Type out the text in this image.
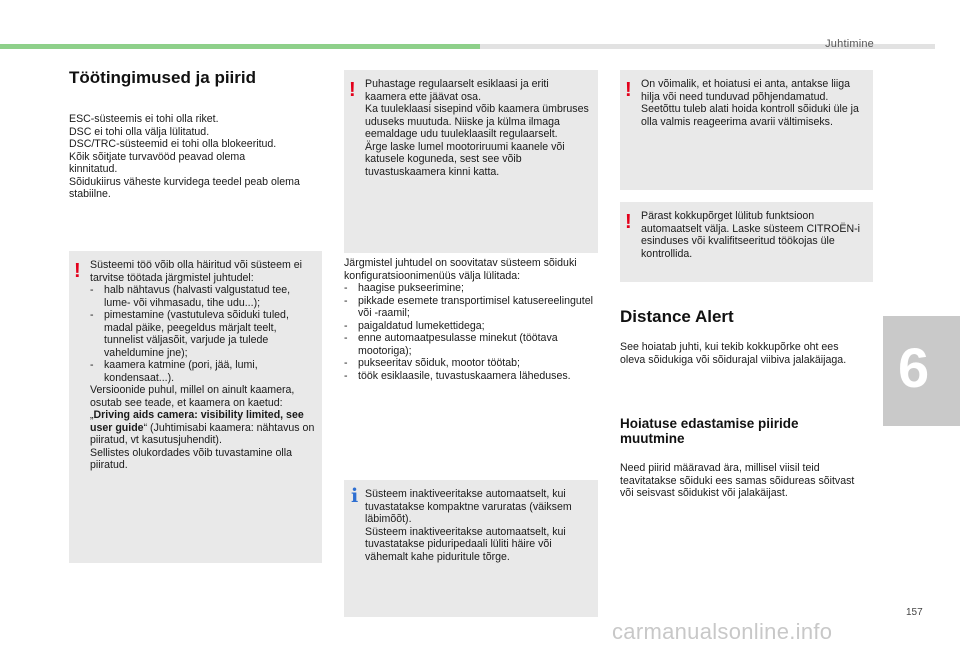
Juhtimine
6
Töötingimused ja piirid

ESC-süsteemis ei tohi olla riket.

DSC ei tohi olla välja lülitatud.

DSC/TRC-süsteemid ei tohi olla blokeeritud.

Kõik sõitjate turvavööd peavad olema kinnitatud.

Sõidukiirus väheste kurvidega teedel peab olema stabiilne.

! Süsteemi töö võib olla häiritud või süsteem ei tarvitse töötada järgmistel juhtudel:

- halb nähtavus (halvasti valgustatud tee, lume- või vihmasadu, tihe udu...);
- pimestamine (vastutuleva sõiduki tuled, madal päike, peegeldus märjalt teelt, tunnelist väljasõit, varjude ja tulede vaheldumine jne);
- kaamera katmine (pori, jää, lumi, kondensaat...).

Versioonide puhul, millel on ainult kaamera, osutab see teade, et kaamera on kaetud: „Driving aids camera: visibility limited, see user guide“ (Juhtimisabi kaamera: nähtavus on piiratud, vt kasutusjuhendit).

Sellistes olukordades võib tuvastamine olla piiratud.

! Puhastage regulaarselt esiklaasi ja eriti kaamera ette jäävat osa.

Ka tuuleklaasi sisepind võib kaamera ümbruses uduseks muutuda. Niiske ja külma ilmaga eemaldage udu tuuleklaasilt regulaarselt.

Ärge laske lumel mootoriruumi kaanele või katusele koguneda, sest see võib tuvastuskaamera kinni katta.

Järgmistel juhtudel on soovitatav süsteem sõiduki konfiguratsioonimenüüs välja lülitada:

- haagise pukseerimine;
- pikkade esemete transportimisel katusereelingutel või -raamil;
- paigaldatud lumekettidega;
- enne automaatpesulasse minekut (töötava mootoriga);
- pukseeritav sõiduk, mootor töötab;
- töök esiklaasile, tuvastuskaamera läheduses.
i Süsteem inaktiveeritakse automaatselt, kui tuvastatakse kompaktne varuratas (väiksem läbimõõt).

Süsteem inaktiveeritakse automaatselt, kui tuvastatakse piduripedaali lüliti häire või vähemalt kahe piduritule tõrge.

! On võimalik, et hoiatusi ei anta, antakse liiga hilja või need tunduvad põhjendamatud.

Seetõttu tuleb alati hoida kontroll sõiduki üle ja olla valmis reageerima avarii vältimiseks.

! Pärast kokkupõrget lülitub funktsioon automaatselt välja. Laske süsteem CITROËN-i esinduses või kvalifitseeritud töökojas üle kontrollida.

Distance Alert
See hoiatab juhti, kui tekib kokkupõrke oht ees oleva sõidukiga või sõidurajal viibiva jalakäijaga.
Hoiatuse edastamise piiride muutmine
Need piirid määravad ära, millisel viisil teid teavitatakse sõiduki ees samas sõidureas sõitvast või seisvast sõidukist või jalakäijast.
157
carmanualsonline.info
